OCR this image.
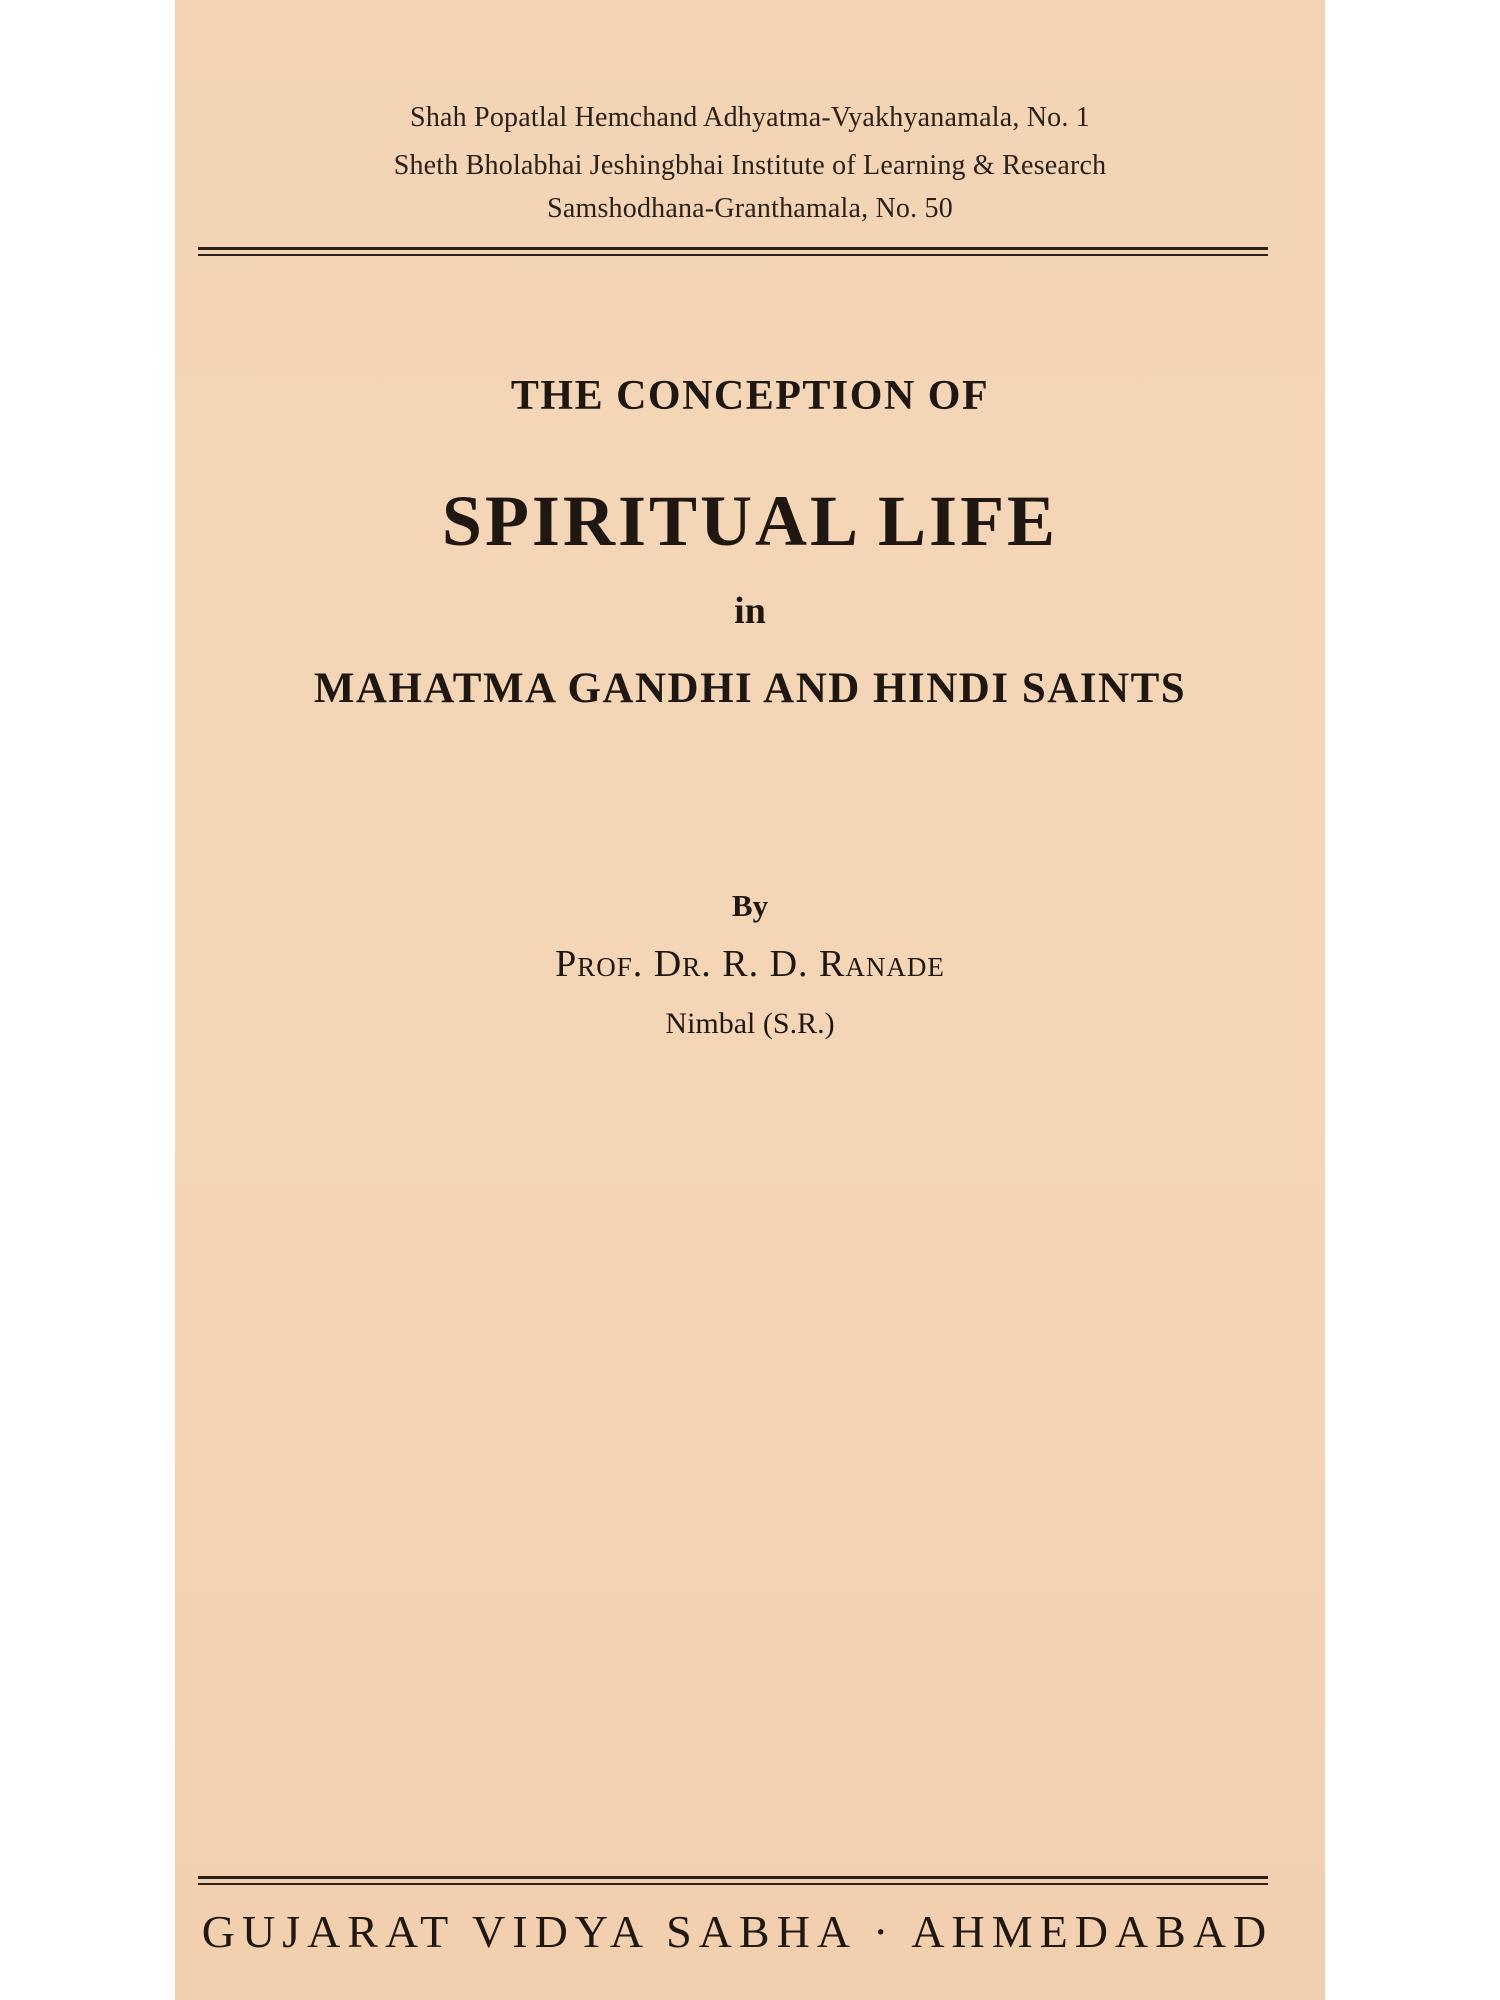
Shah Popatlal Hemchand Adhyatma-Vyakhyanamala, No. 1
Sheth Bholabhai Jeshingbhai Institute of Learning & Research
Samshodhana-Granthamala, No. 50
THE CONCEPTION OF
SPIRITUAL LIFE
in
MAHATMA GANDHI AND HINDI SAINTS
By
Prof. Dr. R. D. Ranade
Nimbal (S.R.)
GUJARAT VIDYA SABHA · AHMEDABAD
